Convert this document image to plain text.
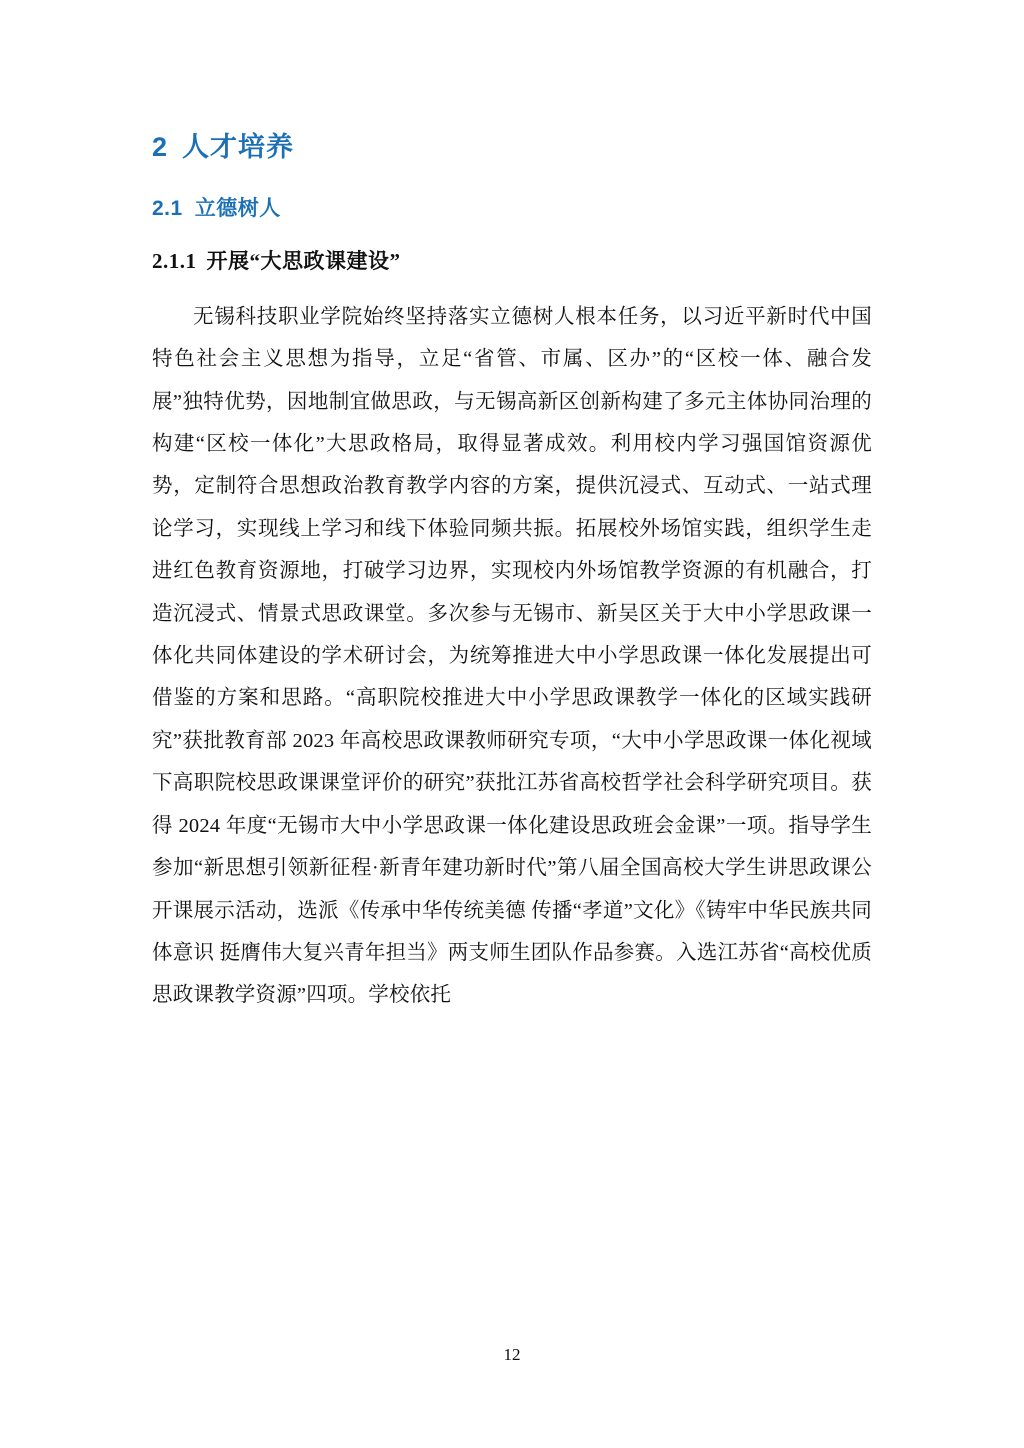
2 人才培养
2.1 立德树人
2.1.1 开展“大思政课建设”

无锡科技职业学院始终坚持落实立德树人根本任务，以习近平新时代中国特色社会主义思想为指导，立足“省管、市属、区办”的“区校一体、融合发展”独特优势，因地制宜做思政，与无锡高新区创新构建了多元主体协同治理的构建“区校一体化”大思政格局，取得显著成效。利用校内学习强国馆资源优势，定制符合思想政治教育教学内容的方案，提供沉浸式、互动式、一站式理论学习，实现线上学习和线下体验同频共振。拓展校外场馆实践，组织学生走进红色教育资源地，打破学习边界，实现校内外场馆教学资源的有机融合，打造沉浸式、情景式思政课堂。多次参与无锡市、新吴区关于大中小学思政课一体化共同体建设的学术研讨会，为统筹推进大中小学思政课一体化发展提出可借鉴的方案和思路。“高职院校推进大中小学思政课教学一体化的区域实践研究”获批教育部 2023 年高校思政课教师研究专项，“大中小学思政课一体化视域下高职院校思政课课堂评价的研究”获批江苏省高校哲学社会科学研究项目。获得 2024 年度“无锡市大中小学思政课一体化建设思政班会金课”一项。指导学生参加“新思想引领新征程·新青年建功新时代”第八届全国高校大学生讲思政课公开课展示活动，选派《传承中华传统美德 传播“孝道”文化》《铸牢中华民族共同体意识 挺膺伟大复兴青年担当》两支师生团队作品参赛。入选江苏省“高校优质思政课教学资源”四项。学校依托

12
